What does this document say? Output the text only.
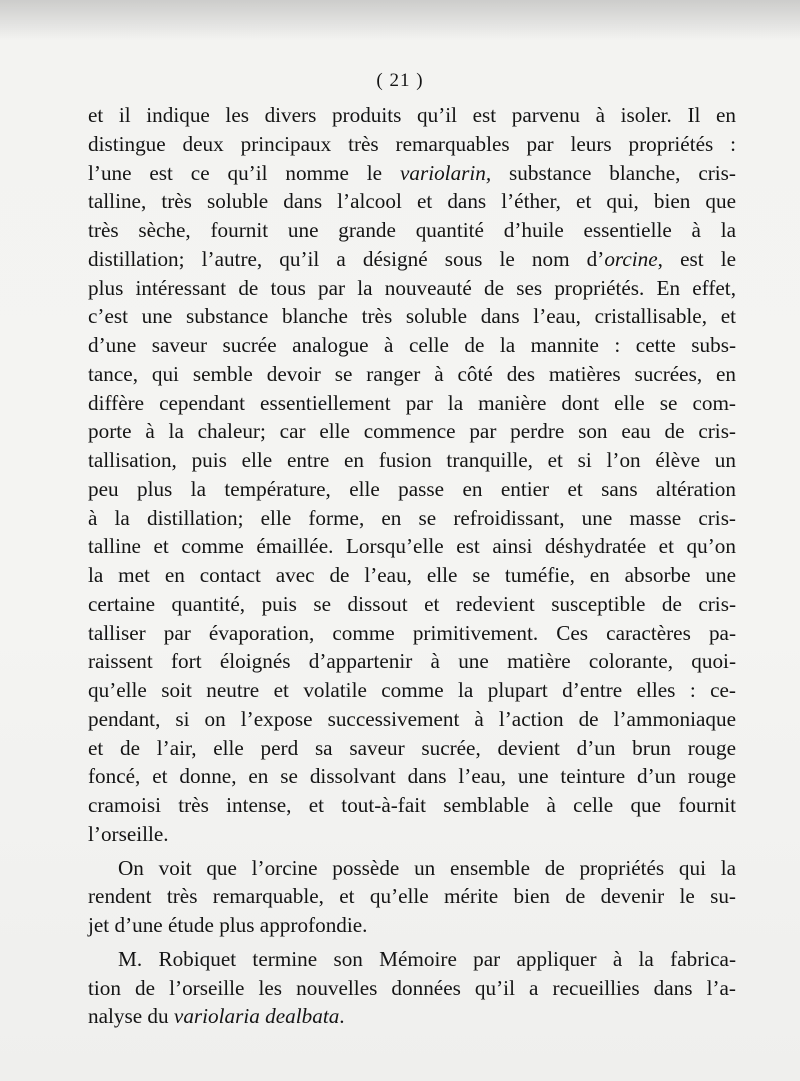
( 21 )
et il indique les divers produits qu’il est parvenu à isoler. Il en
distingue deux principaux très remarquables par leurs propriétés :
l’une est ce qu’il nomme le variolarin, substance blanche, cris-
talline, très soluble dans l’alcool et dans l’éther, et qui, bien que
très sèche, fournit une grande quantité d’huile essentielle à la
distillation; l’autre, qu’il a désigné sous le nom d’orcine, est le
plus intéressant de tous par la nouveauté de ses propriétés. En effet,
c’est une substance blanche très soluble dans l’eau, cristallisable, et
d’une saveur sucrée analogue à celle de la mannite : cette subs-
tance, qui semble devoir se ranger à côté des matières sucrées, en
diffère cependant essentiellement par la manière dont elle se com-
porte à la chaleur; car elle commence par perdre son eau de cris-
tallisation, puis elle entre en fusion tranquille, et si l’on élève un
peu plus la température, elle passe en entier et sans altération
à la distillation; elle forme, en se refroidissant, une masse cris-
talline et comme émaillée. Lorsqu’elle est ainsi déshydratée et qu’on
la met en contact avec de l’eau, elle se tuméfie, en absorbe une
certaine quantité, puis se dissout et redevient susceptible de cris-
talliser par évaporation, comme primitivement. Ces caractères pa-
raissent fort éloignés d’appartenir à une matière colorante, quoi-
qu’elle soit neutre et volatile comme la plupart d’entre elles : ce-
pendant, si on l’expose successivement à l’action de l’ammoniaque
et de l’air, elle perd sa saveur sucrée, devient d’un brun rouge
foncé, et donne, en se dissolvant dans l’eau, une teinture d’un rouge
cramoisi très intense, et tout-à-fait semblable à celle que fournit
l’orseille.
On voit que l’orcine possède un ensemble de propriétés qui la
rendent très remarquable, et qu’elle mérite bien de devenir le su-
jet d’une étude plus approfondie.
M. Robiquet termine son Mémoire par appliquer à la fabrica-
tion de l’orseille les nouvelles données qu’il a recueillies dans l’a-
nalyse du variolaria dealbata.
